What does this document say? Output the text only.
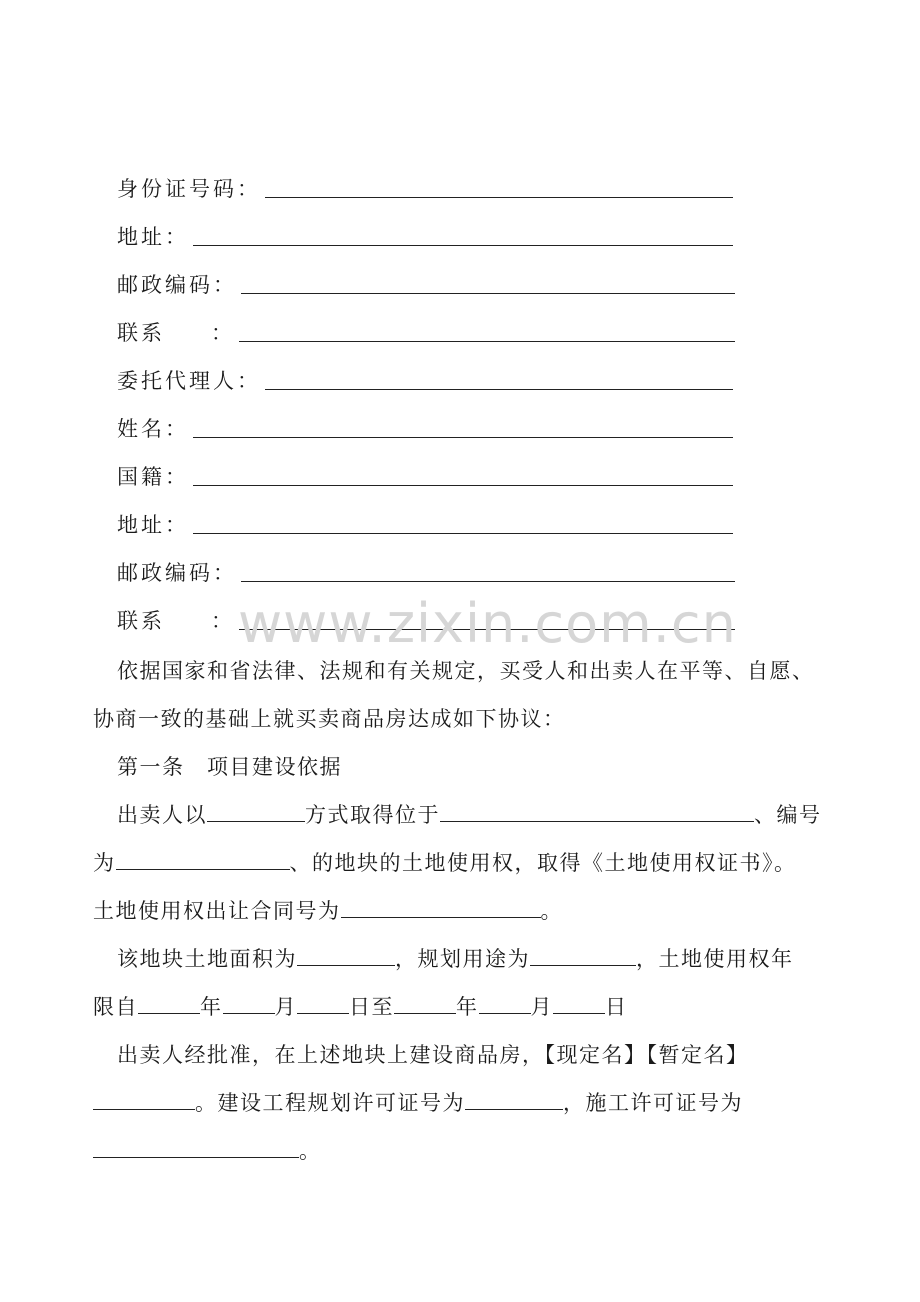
身份证号码 ：
地址 ：
邮政编码 ：
联系 ：
委托代理人 ：
姓名 ：
国籍 ：
地址 ：
邮政编码 ：
联系 ： www.zixin.com.cn
依据国家和省法律、法规和有关规定，买受人和出卖人在平等、自愿、
协商一致的基础上就买卖商品房达成如下协议：
第一条　项目建设依据
出卖人以	方式取得位于	、编号
为	、的地块的土地使用权，取得《土地使用权证书》。
土地使用权出让合同号为	。
该地块土地面积为	，规划用途为	，土地使用权年
限自	年 月 日至	年 月 日
出卖人经批准，在上述地块上建设商品房，【现定名】【暂定名】
。建设工程规划许可证号为	，施工许可证号为
。
